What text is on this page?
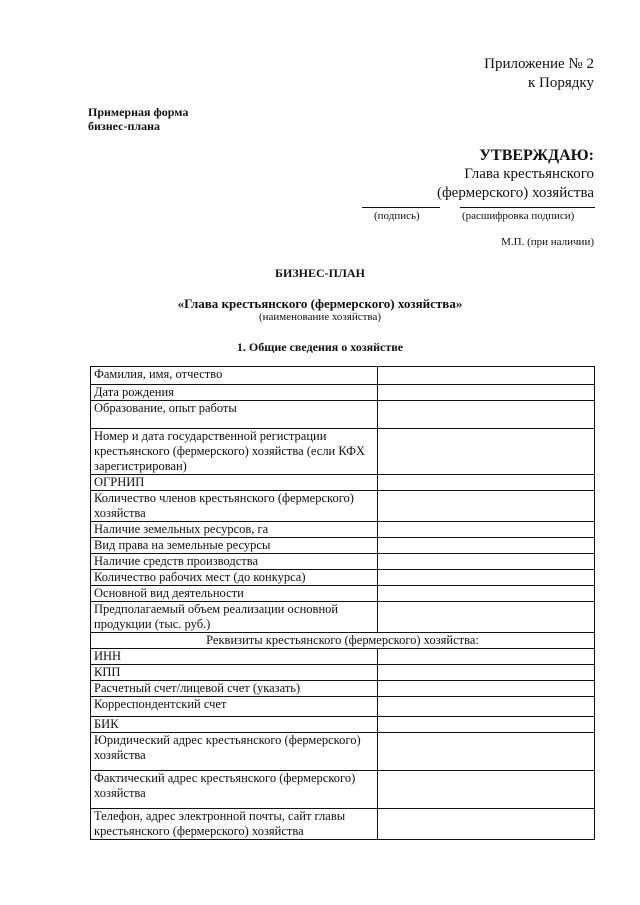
Приложение № 2
к Порядку
Примерная форма
бизнес-плана
УТВЕРЖДАЮ:
Глава крестьянского
(фермерского) хозяйства
(подпись)	(расшифровка подписи)
М.П. (при наличии)
БИЗНЕС-ПЛАН
«Глава крестьянского (фермерского) хозяйства»
(наименование хозяйства)
1. Общие сведения о хозяйстве
Фамилия, имя, отчество	
Дата рождения	
Образование, опыт работы	
Номер и дата государственной регистрации крестьянского (фермерского) хозяйства (если КФХ зарегистрирован)	
ОГРНИП	
Количество членов крестьянского (фермерского) хозяйства	
Наличие земельных ресурсов, га	
Вид права на земельные ресурсы	
Наличие средств производства	
Количество рабочих мест (до конкурса)	
Основной вид деятельности	
Предполагаемый объем реализации основной продукции (тыс. руб.)	
Реквизиты крестьянского (фермерского) хозяйства:	
ИНН	
КПП	
Расчетный счет/лицевой счет (указать)	
Корреспондентский счет	
БИК	
Юридический адрес крестьянского (фермерского) хозяйства	
Фактический адрес крестьянского (фермерского) хозяйства	
Телефон, адрес электронной почты, сайт главы крестьянского (фермерского) хозяйства	
